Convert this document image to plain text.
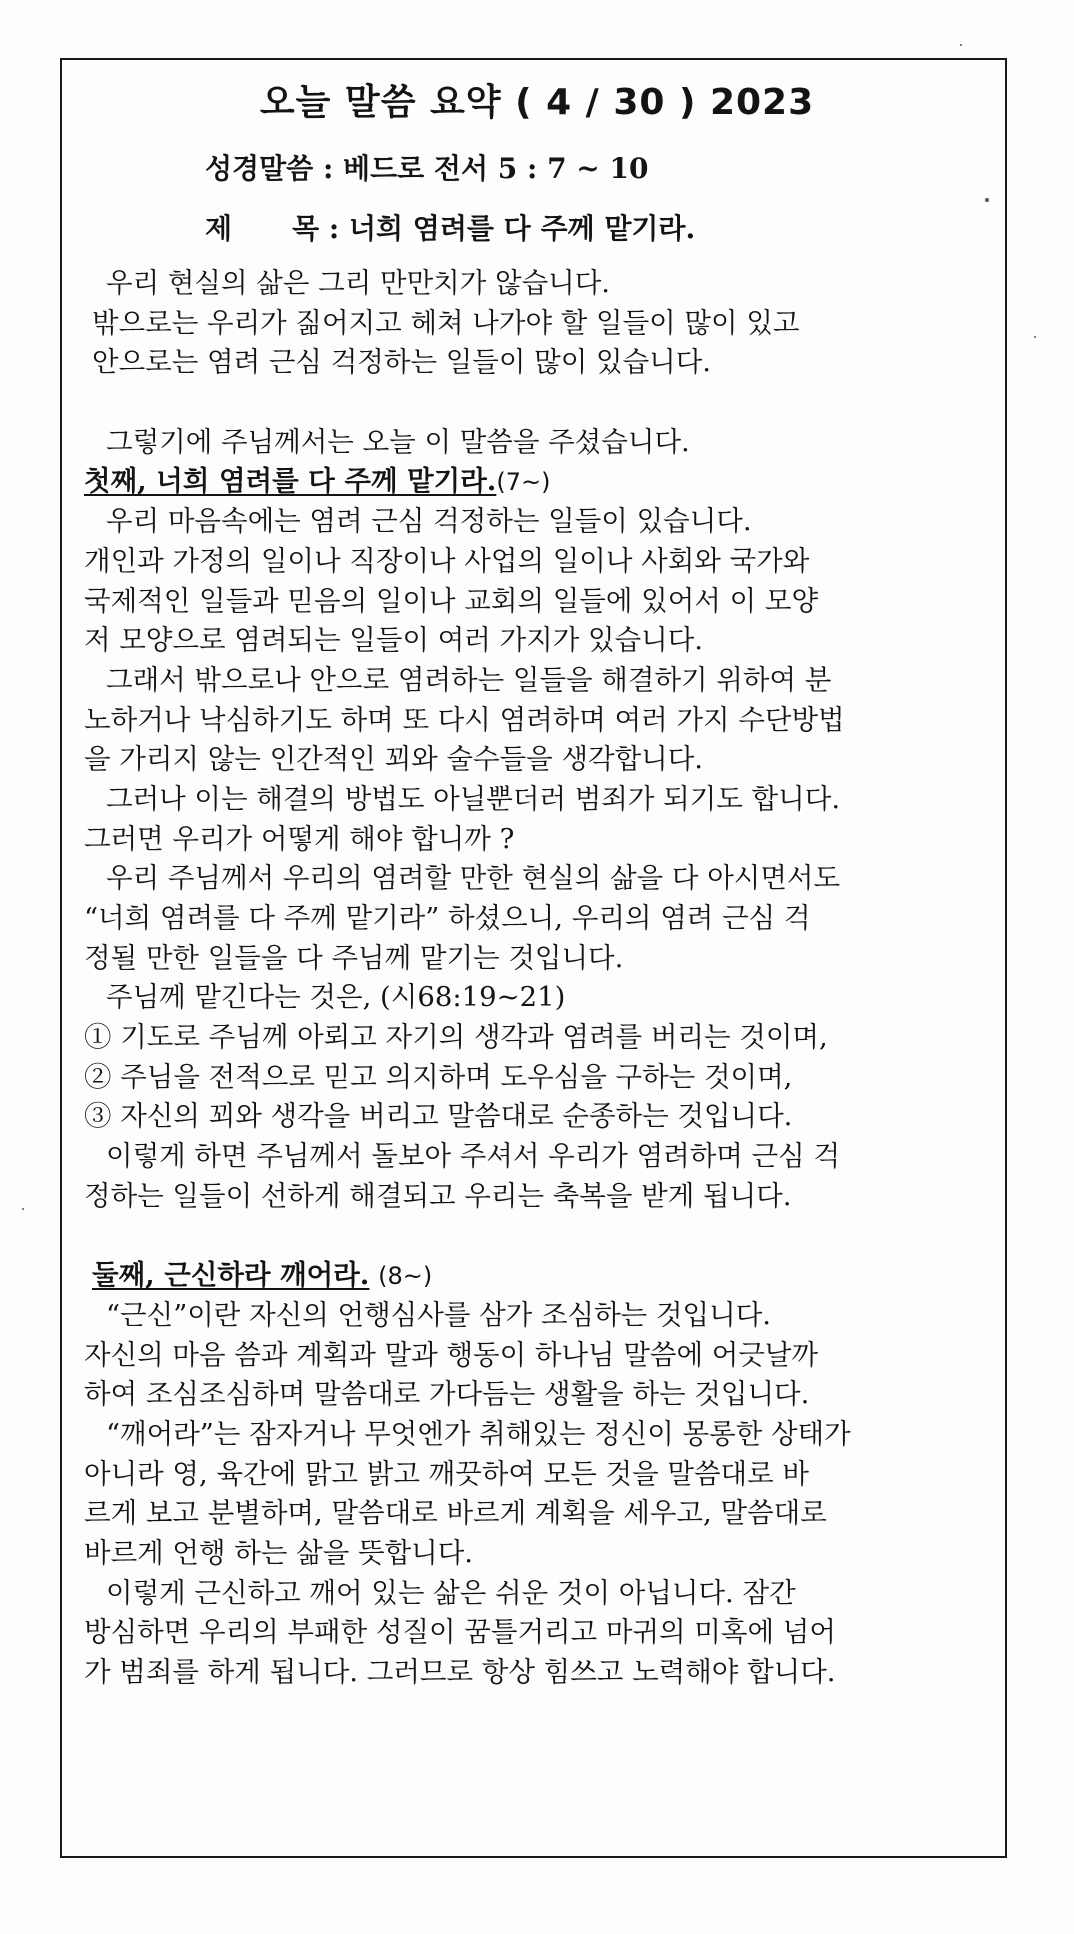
오늘 말씀 요약 ( 4 / 30 ) 2023
성경말씀 : 베드로 전서 5 : 7 ~ 10
제 목 : 너희 염려를 다 주께 맡기라.
우리 현실의 삶은 그리 만만치가 않습니다.
밖으로는 우리가 짊어지고 헤쳐 나가야 할 일들이 많이 있고
안으로는 염려 근심 걱정하는 일들이 많이 있습니다.
그렇기에 주님께서는 오늘 이 말씀을 주셨습니다.
첫째, 너희 염려를 다 주께 맡기라.(7~)
우리 마음속에는 염려 근심 걱정하는 일들이 있습니다.
개인과 가정의 일이나 직장이나 사업의 일이나 사회와 국가와
국제적인 일들과 믿음의 일이나 교회의 일들에 있어서 이 모양
저 모양으로 염려되는 일들이 여러 가지가 있습니다.
그래서 밖으로나 안으로 염려하는 일들을 해결하기 위하여 분
노하거나 낙심하기도 하며 또 다시 염려하며 여러 가지 수단방법
을 가리지 않는 인간적인 꾀와 술수들을 생각합니다.
그러나 이는 해결의 방법도 아닐뿐더러 범죄가 되기도 합니다.
그러면 우리가 어떻게 해야 합니까 ?
우리 주님께서 우리의 염려할 만한 현실의 삶을 다 아시면서도
“너희 염려를 다 주께 맡기라” 하셨으니, 우리의 염려 근심 걱
정될 만한 일들을 다 주님께 맡기는 것입니다.
주님께 맡긴다는 것은, (시68:19~21)
① 기도로 주님께 아뢰고 자기의 생각과 염려를 버리는 것이며,
② 주님을 전적으로 믿고 의지하며 도우심을 구하는 것이며,
③ 자신의 꾀와 생각을 버리고 말씀대로 순종하는 것입니다.
이렇게 하면 주님께서 돌보아 주셔서 우리가 염려하며 근심 걱
정하는 일들이 선하게 해결되고 우리는 축복을 받게 됩니다.
둘째, 근신하라 깨어라. (8~)
“근신”이란 자신의 언행심사를 삼가 조심하는 것입니다.
자신의 마음 씀과 계획과 말과 행동이 하나님 말씀에 어긋날까
하여 조심조심하며 말씀대로 가다듬는 생활을 하는 것입니다.
“깨어라”는 잠자거나 무엇엔가 취해있는 정신이 몽롱한 상태가
아니라 영, 육간에 맑고 밝고 깨끗하여 모든 것을 말씀대로 바
르게 보고 분별하며, 말씀대로 바르게 계획을 세우고, 말씀대로
바르게 언행 하는 삶을 뜻합니다.
이렇게 근신하고 깨어 있는 삶은 쉬운 것이 아닙니다. 잠간
방심하면 우리의 부패한 성질이 꿈틀거리고 마귀의 미혹에 넘어
가 범죄를 하게 됩니다. 그러므로 항상 힘쓰고 노력해야 합니다.
